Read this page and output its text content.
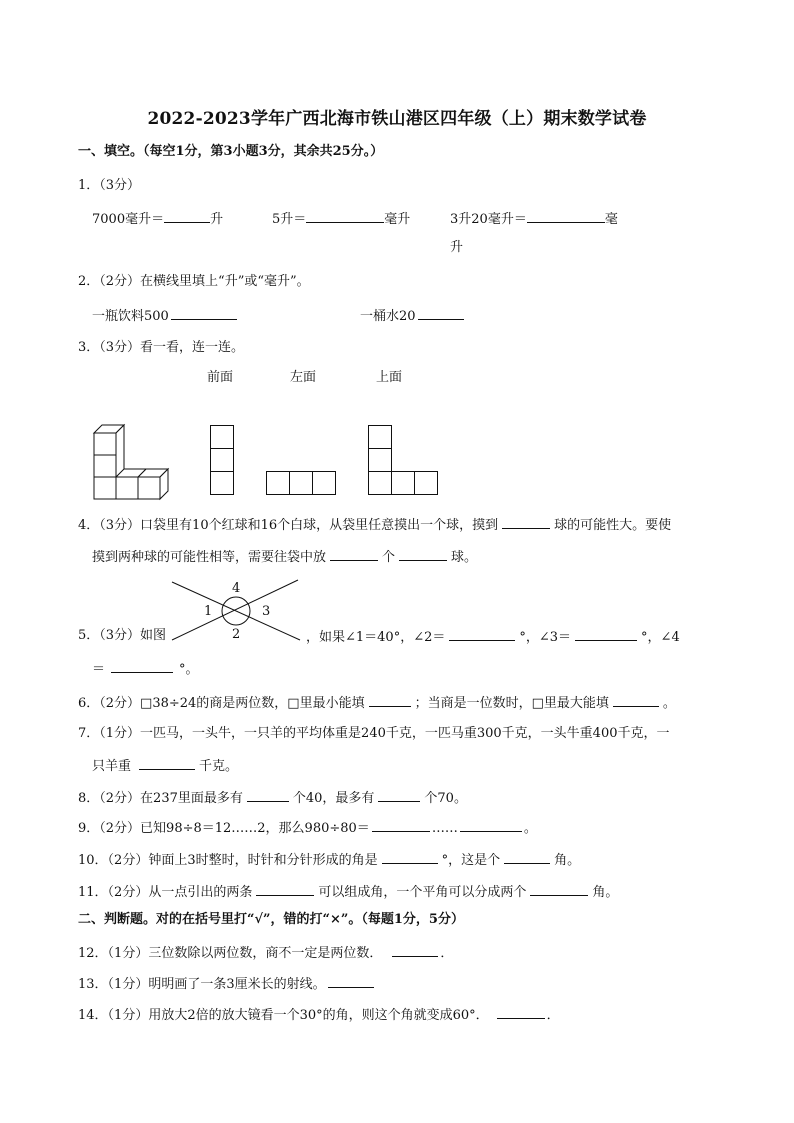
2022-2023学年广西北海市铁山港区四年级（上）期末数学试卷
一、填空。（每空1分，第3小题3分，其余共25分。）
1．（3分）
7000毫升＝	升	5升＝	毫升	3升20毫升＝	毫
升
2．（2分）在横线里填上“升”或“毫升”。
一瓶饮料500	一桶水20
3．（3分）看一看，连一连。
前面	左面	上面
4．（3分）口袋里有10个红球和16个白球，从袋里任意摸出一个球，摸到	球的可能性大。要使
摸到两种球的可能性相等，需要往袋中放	个	球。
4
1	3
2
5．（3分）如图	，如果∠1＝40°，∠2＝	°，∠3＝	°，∠4
＝	°。
6．（2分）□38÷24的商是两位数，□里最小能填	；当商是一位数时，□里最大能填	。
7．（1分）一匹马，一头牛，一只羊的平均体重是240千克，一匹马重300千克，一头牛重400千克，一
只羊重	千克。
8．（2分）在237里面最多有	个40，最多有	个70。
9．（2分）已知98÷8＝12……2，那么980÷80＝	……	。
10．（2分）钟面上3时整时，时针和分针形成的角是	°，这是个	角。
11．（2分）从一点引出的两条	可以组成角，一个平角可以分成两个	角。
二、判断题。对的在括号里打“√”，错的打“×”。（每题1分，5分）
12．（1分）三位数除以两位数，商不一定是两位数．	．
13．（1分）明明画了一条3厘米长的射线。
14．（1分）用放大2倍的放大镜看一个30°的角，则这个角就变成60°．	．
